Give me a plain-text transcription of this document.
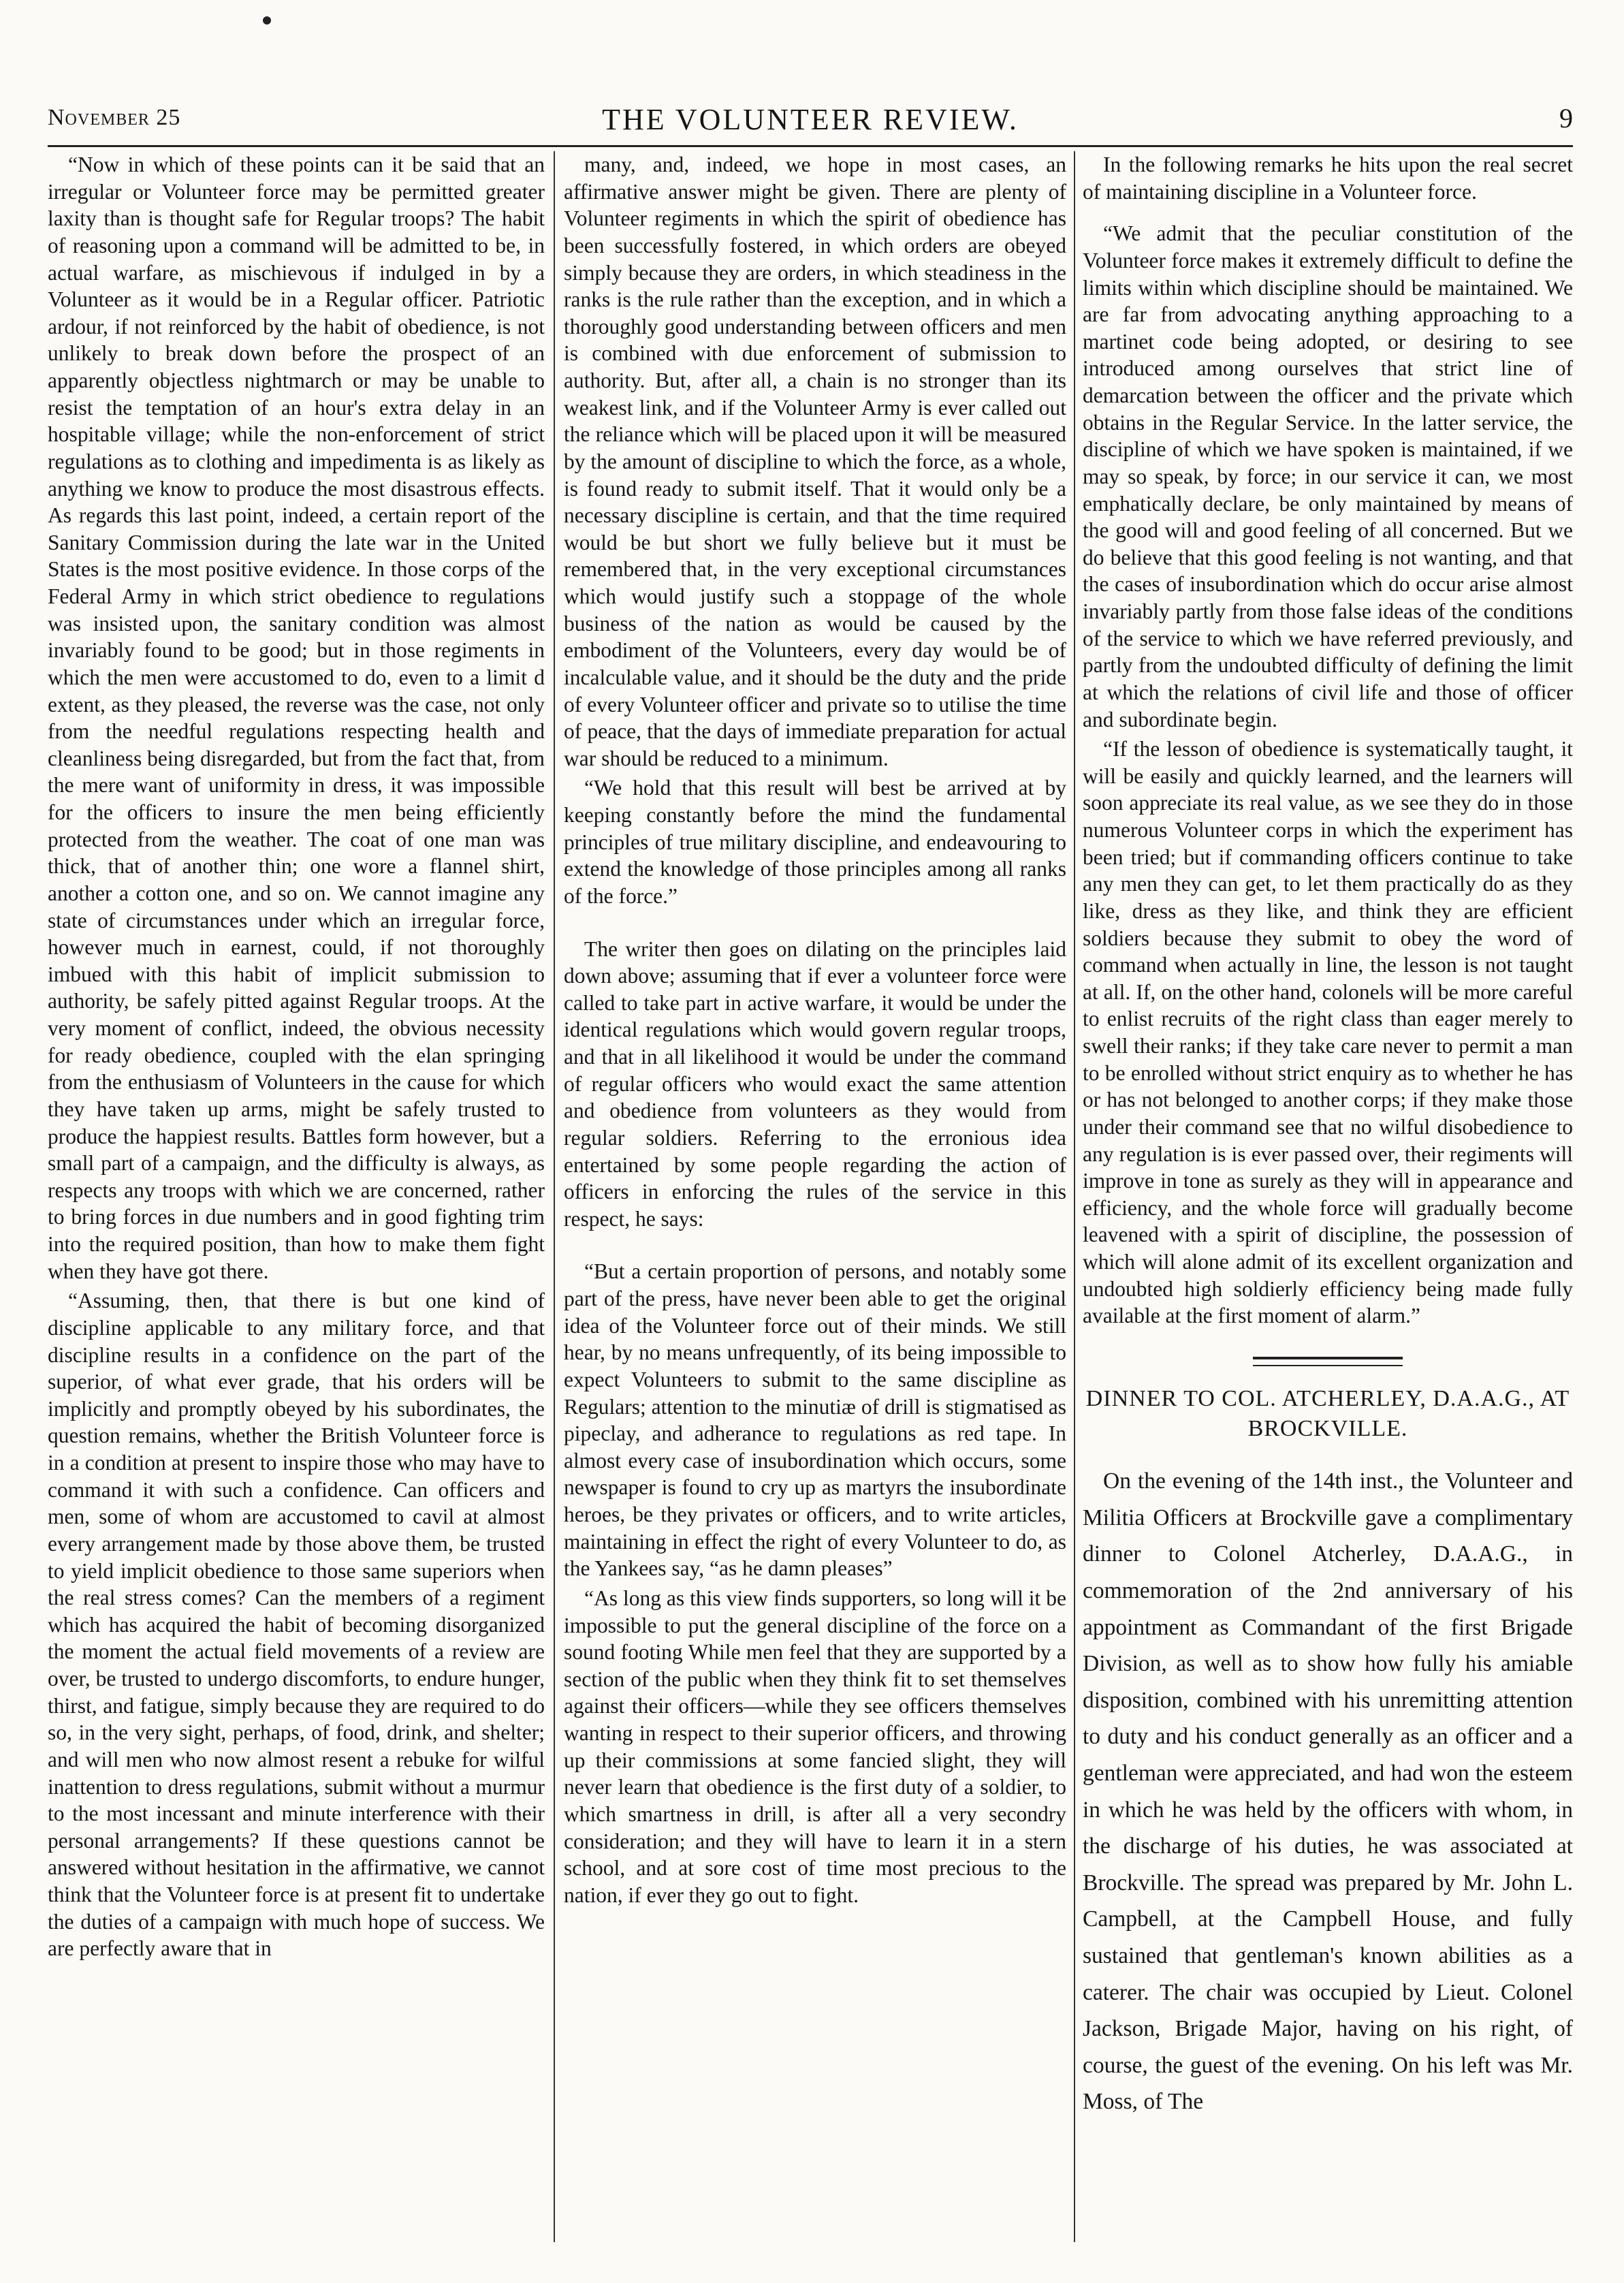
November 25	THE VOLUNTEER REVIEW.	9

“Now in which of these points can it be said that an irregular or Volunteer force may be permitted greater laxity than is thought safe for Regular troops? The habit of reasoning upon a command will be admitted to be, in actual warfare, as mischievous if indulged in by a Volunteer as it would be in a Regular officer. Patriotic ardour, if not reinforced by the habit of obedience, is not unlikely to break down before the prospect of an apparently objectless nightmarch or may be unable to resist the temptation of an hour's extra delay in an hospitable village; while the non-enforcement of strict regulations as to clothing and impedimenta is as likely as anything we know to produce the most disastrous effects. As regards this last point, indeed, a certain report of the Sanitary Commission during the late war in the United States is the most positive evidence. In those corps of the Federal Army in which strict obedience to regulations was insisted upon, the sanitary condition was almost invariably found to be good; but in those regiments in which the men were accustomed to do, even to a limit d extent, as they pleased, the reverse was the case, not only from the needful regulations respecting health and cleanliness being disregarded, but from the fact that, from the mere want of uniformity in dress, it was impossible for the officers to insure the men being efficiently protected from the weather. The coat of one man was thick, that of another thin; one wore a flannel shirt, another a cotton one, and so on. We cannot imagine any state of circumstances under which an irregular force, however much in earnest, could, if not thoroughly imbued with this habit of implicit submission to authority, be safely pitted against Regular troops. At the very moment of conflict, indeed, the obvious necessity for ready obedience, coupled with the elan springing from the enthusiasm of Volunteers in the cause for which they have taken up arms, might be safely trusted to produce the happiest results. Battles form however, but a small part of a campaign, and the difficulty is always, as respects any troops with which we are concerned, rather to bring forces in due numbers and in good fighting trim into the required position, than how to make them fight when they have got there.

“Assuming, then, that there is but one kind of discipline applicable to any military force, and that discipline results in a confidence on the part of the superior, of what ever grade, that his orders will be implicitly and promptly obeyed by his subordinates, the question remains, whether the British Volunteer force is in a condition at present to inspire those who may have to command it with such a confidence. Can officers and men, some of whom are accustomed to cavil at almost every arrangement made by those above them, be trusted to yield implicit obedience to those same superiors when the real stress comes? Can the members of a regiment which has acquired the habit of becoming disorganized the moment the actual field movements of a review are over, be trusted to undergo discomforts, to endure hunger, thirst, and fatigue, simply because they are required to do so, in the very sight, perhaps, of food, drink, and shelter; and will men who now almost resent a rebuke for wilful inattention to dress regulations, submit without a murmur to the most incessant and minute interference with their personal arrangements? If these questions cannot be answered without hesitation in the affirmative, we cannot think that the Volunteer force is at present fit to undertake the duties of a campaign with much hope of success. We are perfectly aware that in

many, and, indeed, we hope in most cases, an affirmative answer might be given. There are plenty of Volunteer regiments in which the spirit of obedience has been successfully fostered, in which orders are obeyed simply because they are orders, in which steadiness in the ranks is the rule rather than the exception, and in which a thoroughly good understanding between officers and men is combined with due enforcement of submission to authority. But, after all, a chain is no stronger than its weakest link, and if the Volunteer Army is ever called out the reliance which will be placed upon it will be measured by the amount of discipline to which the force, as a whole, is found ready to submit itself. That it would only be a necessary discipline is certain, and that the time required would be but short we fully believe but it must be remembered that, in the very exceptional circumstances which would justify such a stoppage of the whole business of the nation as would be caused by the embodiment of the Volunteers, every day would be of incalculable value, and it should be the duty and the pride of every Volunteer officer and private so to utilise the time of peace, that the days of immediate preparation for actual war should be reduced to a minimum.

“We hold that this result will best be arrived at by keeping constantly before the mind the fundamental principles of true military discipline, and endeavouring to extend the knowledge of those principles among all ranks of the force.”

The writer then goes on dilating on the principles laid down above; assuming that if ever a volunteer force were called to take part in active warfare, it would be under the identical regulations which would govern regular troops, and that in all likelihood it would be under the command of regular officers who would exact the same attention and obedience from volunteers as they would from regular soldiers. Referring to the erronious idea entertained by some people regarding the action of officers in enforcing the rules of the service in this respect, he says:

“But a certain proportion of persons, and notably some part of the press, have never been able to get the original idea of the Volunteer force out of their minds. We still hear, by no means unfrequently, of its being impossible to expect Volunteers to submit to the same discipline as Regulars; attention to the minutiæ of drill is stigmatised as pipeclay, and adherance to regulations as red tape. In almost every case of insubordination which occurs, some newspaper is found to cry up as martyrs the insubordinate heroes, be they privates or officers, and to write articles, maintaining in effect the right of every Volunteer to do, as the Yankees say, “as he damn pleases”

“As long as this view finds supporters, so long will it be impossible to put the general discipline of the force on a sound footing While men feel that they are supported by a section of the public when they think fit to set themselves against their officers—while they see officers themselves wanting in respect to their superior officers, and throwing up their commissions at some fancied slight, they will never learn that obedience is the first duty of a soldier, to which smartness in drill, is after all a very secondry consideration; and they will have to learn it in a stern school, and at sore cost of time most precious to the nation, if ever they go out to fight.

In the following remarks he hits upon the real secret of maintaining discipline in a Volunteer force.

“We admit that the peculiar constitution of the Volunteer force makes it extremely difficult to define the limits within which discipline should be maintained. We are far from advocating anything approaching to a martinet code being adopted, or desiring to see introduced among ourselves that strict line of demarcation between the officer and the private which obtains in the Regular Service. In the latter service, the discipline of which we have spoken is maintained, if we may so speak, by force; in our service it can, we most emphatically declare, be only maintained by means of the good will and good feeling of all concerned. But we do believe that this good feeling is not wanting, and that the cases of insubordination which do occur arise almost invariably partly from those false ideas of the conditions of the service to which we have referred previously, and partly from the undoubted difficulty of defining the limit at which the relations of civil life and those of officer and subordinate begin.

“If the lesson of obedience is systematically taught, it will be easily and quickly learned, and the learners will soon appreciate its real value, as we see they do in those numerous Volunteer corps in which the experiment has been tried; but if commanding officers continue to take any men they can get, to let them practically do as they like, dress as they like, and think they are efficient soldiers because they submit to obey the word of command when actually in line, the lesson is not taught at all. If, on the other hand, colonels will be more careful to enlist recruits of the right class than eager merely to swell their ranks; if they take care never to permit a man to be enrolled without strict enquiry as to whether he has or has not belonged to another corps; if they make those under their command see that no wilful disobedience to any regulation is is ever passed over, their regiments will improve in tone as surely as they will in appearance and efficiency, and the whole force will gradually become leavened with a spirit of discipline, the possession of which will alone admit of its excellent organization and undoubted high soldierly efficiency being made fully available at the first moment of alarm.”

DINNER TO COL. ATCHERLEY, D.A.A.G., AT BROCKVILLE.

On the evening of the 14th inst., the Volunteer and Militia Officers at Brockville gave a complimentary dinner to Colonel Atcherley, D.A.A.G., in commemoration of the 2nd anniversary of his appointment as Commandant of the first Brigade Division, as well as to show how fully his amiable disposition, combined with his unremitting attention to duty and his conduct generally as an officer and a gentleman were appreciated, and had won the esteem in which he was held by the officers with whom, in the discharge of his duties, he was associated at Brockville. The spread was prepared by Mr. John L. Campbell, at the Campbell House, and fully sustained that gentleman's known abilities as a caterer. The chair was occupied by Lieut. Colonel Jackson, Brigade Major, having on his right, of course, the guest of the evening. On his left was Mr. Moss, of The
